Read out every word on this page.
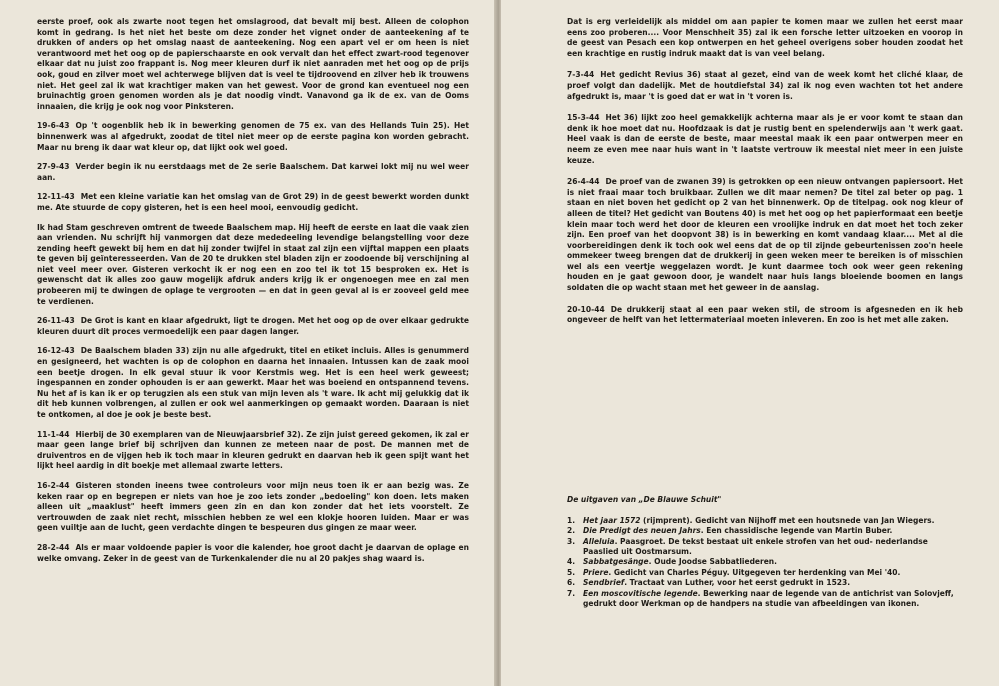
eerste proef, ook als zwarte noot tegen het omslagrood, dat bevalt mij best. Alleen de colophon komt in gedrang. Is het niet het beste om deze zonder het vignet onder de aanteekening af te drukken of anders op het omslag naast de aanteekening. Nog een apart vel er om heen is niet verantwoord met het oog op de papierschaarste en ook vervalt dan het effect zwart-rood tegenover elkaar dat nu juist zoo frappant is. Nog meer kleuren durf ik niet aanraden met het oog op de prijs ook, goud en zilver moet wel achterwege blijven dat is veel te tijdroovend en zilver heb ik trouwens niet. Het geel zal ik wat krachtiger maken van het gewest. Voor de grond kan eventueel nog een bruinachtig groen genomen worden als je dat noodig vindt. Vanavond ga ik de ex. van de Ooms innaaien, die krijg je ook nog voor Pinksteren.

19-6-43 Op 't oogenblik heb ik in bewerking genomen de 75 ex. van des Hellands Tuin 25). Het binnenwerk was al afgedrukt, zoodat de titel niet meer op de eerste pagina kon worden gebracht. Maar nu breng ik daar wat kleur op, dat lijkt ook wel goed.

27-9-43 Verder begin ik nu eerstdaags met de 2e serie Baalschem. Dat karwei lokt mij nu wel weer aan.

12-11-43 Met een kleine variatie kan het omslag van de Grot 29) in de geest bewerkt worden dunkt me. Ate stuurde de copy gisteren, het is een heel mooi, eenvoudig gedicht.

Ik had Stam geschreven omtrent de tweede Baalschem map. Hij heeft de eerste en laat die vaak zien aan vrienden. Nu schrijft hij vanmorgen dat deze mededeeling levendige belangstelling voor deze zending heeft gewekt bij hem en dat hij zonder twijfel in staat zal zijn een vijftal mappen een plaats te geven bij geïnteresseerden. Van de 20 te drukken stel bladen zijn er zoodoende bij verschijning al niet veel meer over. Gisteren verkocht ik er nog een en zoo tel ik tot 15 besproken ex. Het is gewenscht dat ik alles zoo gauw mogelijk afdruk anders krijg ik er ongenoegen mee en zal men probeeren mij te dwingen de oplage te vergrooten — en dat in geen geval al is er zooveel geld mee te verdienen.

26-11-43 De Grot is kant en klaar afgedrukt, ligt te drogen. Met het oog op de over elkaar gedrukte kleuren duurt dit proces vermoedelijk een paar dagen langer.

16-12-43 De Baalschem bladen 33) zijn nu alle afgedrukt, titel en etiket incluis. Alles is genummerd en gesigneerd, het wachten is op de colophon en daarna het innaaien. Intussen kan de zaak mooi een beetje drogen. In elk geval stuur ik voor Kerstmis weg. Het is een heel werk geweest; ingespannen en zonder ophouden is er aan gewerkt. Maar het was boeiend en ontspannend tevens. Nu het af is kan ik er op terugzien als een stuk van mijn leven als 't ware. Ik acht mij gelukkig dat ik dit heb kunnen volbrengen, al zullen er ook wel aanmerkingen op gemaakt worden. Daaraan is niet te ontkomen, al doe je ook je beste best.

11-1-44 Hierbij de 30 exemplaren van de Nieuwjaarsbrief 32). Ze zijn juist gereed gekomen, ik zal er maar geen lange brief bij schrijven dan kunnen ze meteen naar de post. De mannen met de druiventros en de vijgen heb ik toch maar in kleuren gedrukt en daarvan heb ik geen spijt want het lijkt heel aardig in dit boekje met allemaal zwarte letters.

16-2-44 Gisteren stonden ineens twee controleurs voor mijn neus toen ik er aan bezig was. Ze keken raar op en begrepen er niets van hoe je zoo iets zonder „bedoeling" kon doen. Iets maken alleen uit „maaklust" heeft immers geen zin en dan kon zonder dat het iets voorstelt. Ze vertrouwden de zaak niet recht, misschien hebben ze wel een klokje hooren luiden. Maar er was geen vuiltje aan de lucht, geen verdachte dingen te bespeuren dus gingen ze maar weer.

28-2-44 Als er maar voldoende papier is voor die kalender, hoe groot dacht je daarvan de oplage en welke omvang. Zeker in de geest van de Turkenkalender die nu al 20 pakjes shag waard is.

Dat is erg verleidelijk als middel om aan papier te komen maar we zullen het eerst maar eens zoo proberen.... Voor Menschheit 35) zal ik een forsche letter uitzoeken en voorop in de geest van Pesach een kop ontwerpen en het geheel overigens sober houden zoodat het een krachtige en rustig indruk maakt dat is van veel belang.

7-3-44 Het gedicht Revius 36) staat al gezet, eind van de week komt het cliché klaar, de proef volgt dan dadelijk. Met de houtdiefstal 34) zal ik nog even wachten tot het andere afgedrukt is, maar 't is goed dat er wat in 't voren is.

15-3-44 Het 36) lijkt zoo heel gemakkelijk achterna maar als je er voor komt te staan dan denk ik hoe moet dat nu. Hoofdzaak is dat je rustig bent en spelenderwijs aan 't werk gaat. Heel vaak is dan de eerste de beste, maar meestal maak ik een paar ontwerpen meer en neem ze even mee naar huis want in 't laatste vertrouw ik meestal niet meer in een juiste keuze.

26-4-44 De proef van de zwanen 39) is getrokken op een nieuw ontvangen papiersoort. Het is niet fraai maar toch bruikbaar. Zullen we dit maar nemen? De titel zal beter op pag. 1 staan en niet boven het gedicht op 2 van het binnenwerk. Op de titelpag. ook nog kleur of alleen de titel? Het gedicht van Boutens 40) is met het oog op het papierformaat een beetje klein maar toch werd het door de kleuren een vroolijke indruk en dat moet het toch zeker zijn. Een proef van het doopvont 38) is in bewerking en komt vandaag klaar.... Met al die voorbereidingen denk ik toch ook wel eens dat de op til zijnde gebeurtenissen zoo'n heele ommekeer tweeg brengen dat de drukkerij in geen weken meer te bereiken is of misschien wel als een veertje weggelazen wordt. Je kunt daarmee toch ook weer geen rekening houden en je gaat gewoon door, je wandelt naar huis langs bloeiende boomen en langs soldaten die op wacht staan met het geweer in de aanslag.

20-10-44 De drukkerij staat al een paar weken stil, de stroom is afgesneden en ik heb ongeveer de helft van het lettermateriaal moeten inleveren. En zoo is het met alle zaken.

De uitgaven van „De Blauwe Schuit"

1.	Het jaar 1572 (rijmprent). Gedicht van Nijhoff met een houtsnede van Jan Wiegers.
2.	Die Predigt des neuen Jahrs. Een chassidische legende van Martin Buber.
3.	Alleluia. Paasgroet. De tekst bestaat uit enkele strofen van het oud- nederlandse Paaslied uit Oostmarsum.
4.	Sabbatgesänge. Oude Joodse Sabbatliederen.
5.	Priere. Gedicht van Charles Péguy. Uitgegeven ter herdenking van Mei '40.
6.	Sendbrief. Tractaat van Luther, voor het eerst gedrukt in 1523.
7.	Een moscovitische legende. Bewerking naar de legende van de antichrist van Solovjeff, gedrukt door Werkman op de handpers na studie van afbeeldingen van ikonen.
